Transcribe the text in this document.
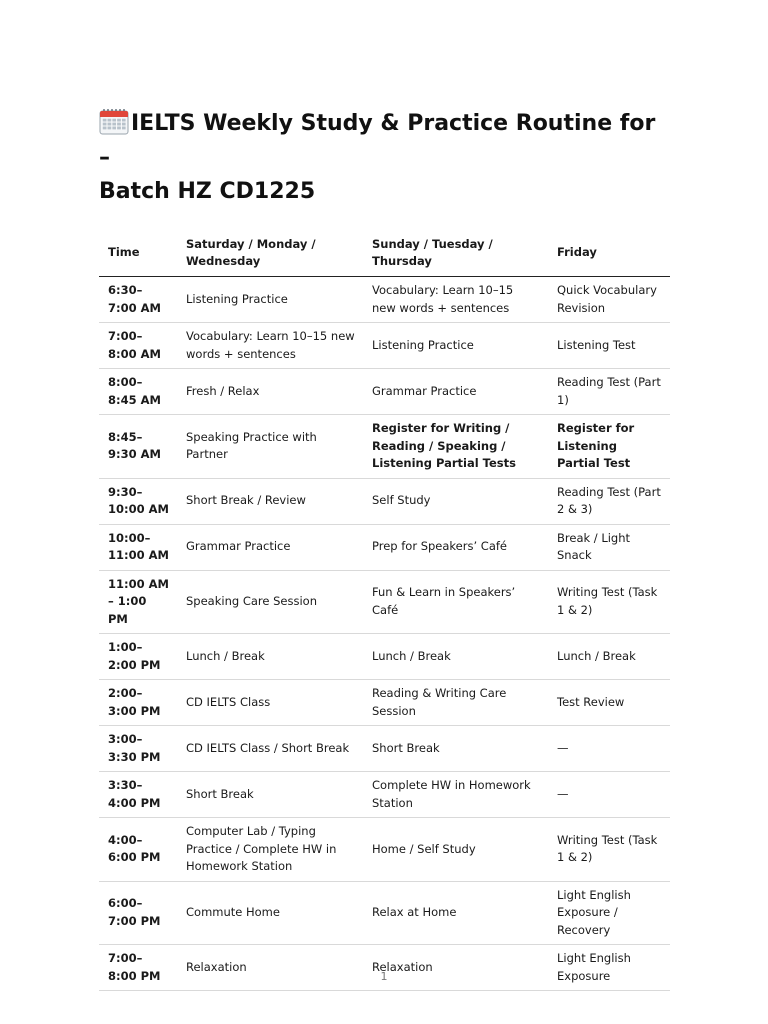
IELTS Weekly Study & Practice Routine for –
Batch HZ CD1225
Time	Saturday / Monday / Wednesday	Sunday / Tuesday / Thursday	Friday
6:30–7:00 AM	Listening Practice	Vocabulary: Learn 10–15 new words + sentences	Quick Vocabulary Revision
7:00–8:00 AM	Vocabulary: Learn 10–15 new words + sentences	Listening Practice	Listening Test
8:00–8:45 AM	Fresh / Relax	Grammar Practice	Reading Test (Part 1)
8:45–9:30 AM	Speaking Practice with Partner	Register for Writing / Reading / Speaking / Listening Partial Tests	Register for Listening Partial Test
9:30–10:00 AM	Short Break / Review	Self Study	Reading Test (Part 2 & 3)
10:00–11:00 AM	Grammar Practice	Prep for Speakers’ Café	Break / Light Snack
11:00 AM – 1:00 PM	Speaking Care Session	Fun & Learn in Speakers’ Café	Writing Test (Task 1 & 2)
1:00–2:00 PM	Lunch / Break	Lunch / Break	Lunch / Break
2:00–3:00 PM	CD IELTS Class	Reading & Writing Care Session	Test Review
3:00–3:30 PM	CD IELTS Class / Short Break	Short Break	—
3:30–4:00 PM	Short Break	Complete HW in Homework Station	—
4:00–6:00 PM	Computer Lab / Typing Practice / Complete HW in Homework Station	Home / Self Study	Writing Test (Task 1 & 2)
6:00–7:00 PM	Commute Home	Relax at Home	Light English Exposure / Recovery
7:00–8:00 PM	Relaxation	Relaxation	Light English Exposure
1
